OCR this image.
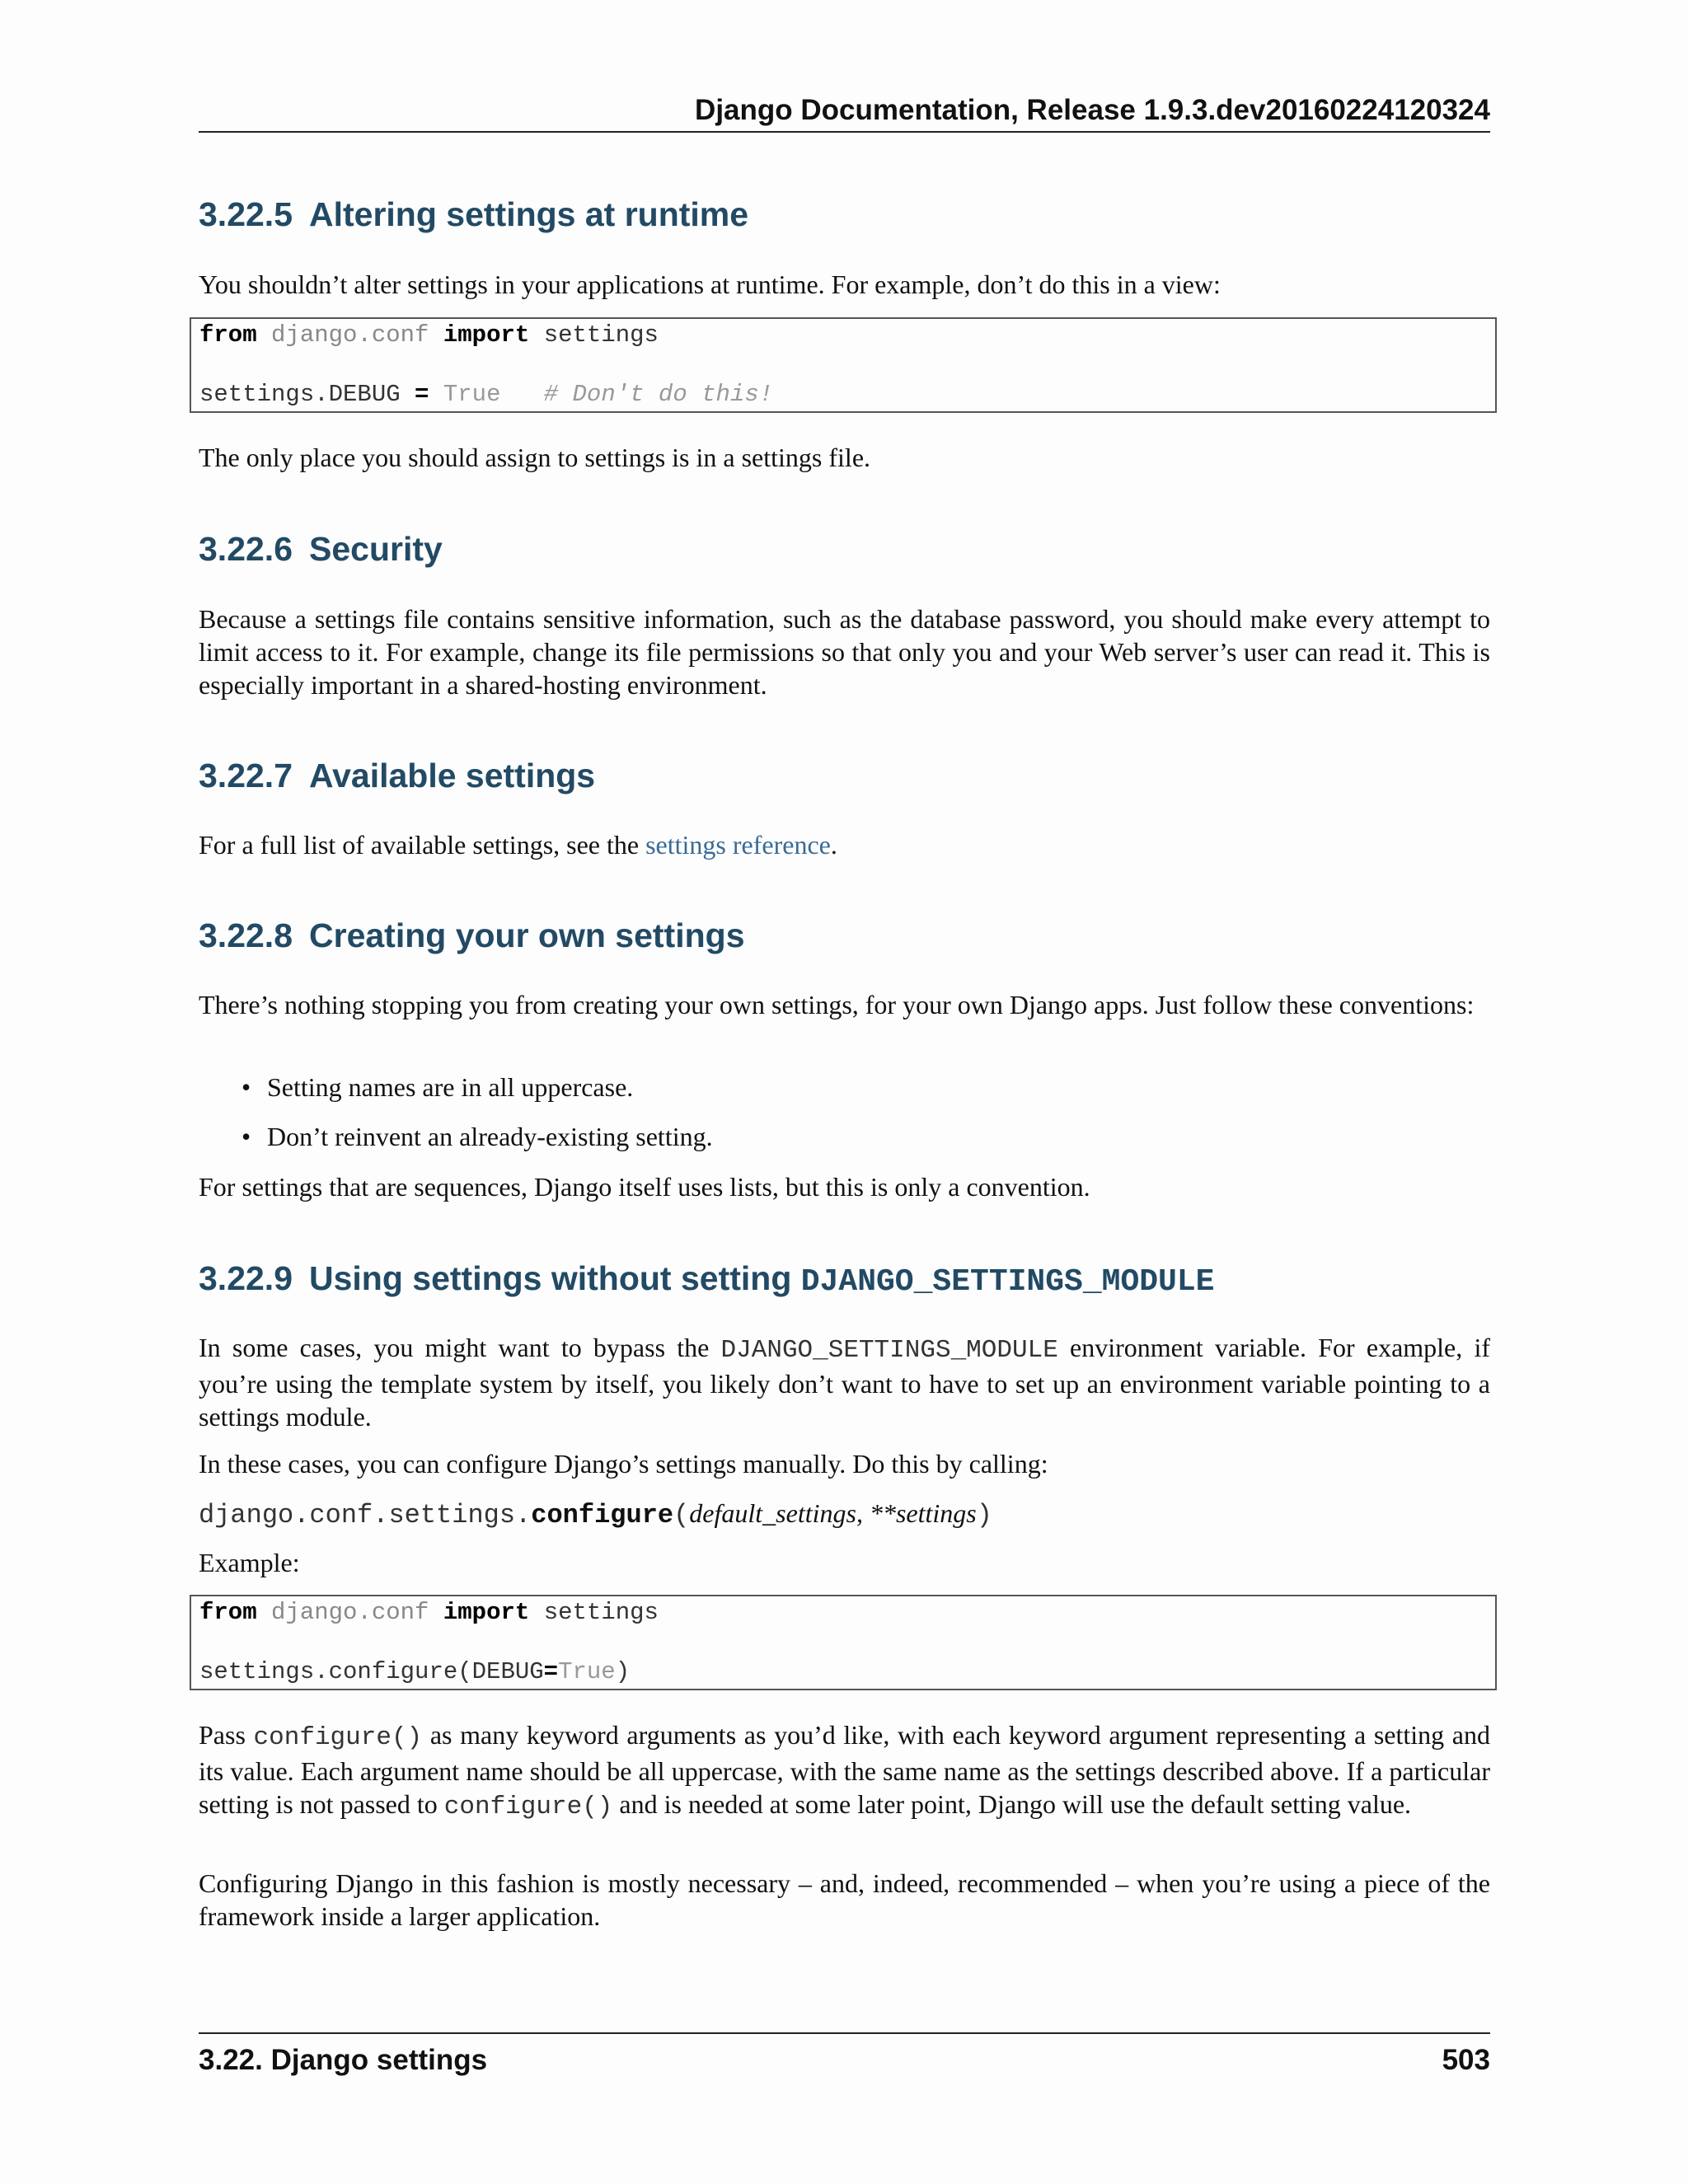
Django Documentation, Release 1.9.3.dev20160224120324
3.22.5 Altering settings at runtime

You shouldn’t alter settings in your applications at runtime. For example, don’t do this in a view:

from django.conf import settings
settings.DEBUG = True # Don't do this!

The only place you should assign to settings is in a settings file.

3.22.6 Security

Because a settings file contains sensitive information, such as the database password, you should make every attempt to limit access to it. For example, change its file permissions so that only you and your Web server’s user can read it. This is especially important in a shared-hosting environment.

3.22.7 Available settings

For a full list of available settings, see the settings reference.

3.22.8 Creating your own settings

There’s nothing stopping you from creating your own settings, for your own Django apps. Just follow these conventions:

• Setting names are in all uppercase.
• Don’t reinvent an already-existing setting.

For settings that are sequences, Django itself uses lists, but this is only a convention.

3.22.9 Using settings without setting DJANGO_SETTINGS_MODULE

In some cases, you might want to bypass the DJANGO_SETTINGS_MODULE environment variable. For example, if you’re using the template system by itself, you likely don’t want to have to set up an environment variable pointing to a settings module.

In these cases, you can configure Django’s settings manually. Do this by calling:

django.conf.settings.configure(default_settings, **settings)

Example:

from django.conf import settings
settings.configure(DEBUG=True)

Pass configure() as many keyword arguments as you’d like, with each keyword argument representing a setting and its value. Each argument name should be all uppercase, with the same name as the settings described above. If a particular setting is not passed to configure() and is needed at some later point, Django will use the default setting value.

Configuring Django in this fashion is mostly necessary – and, indeed, recommended – when you’re using a piece of the framework inside a larger application.

3.22. Django settings	503
